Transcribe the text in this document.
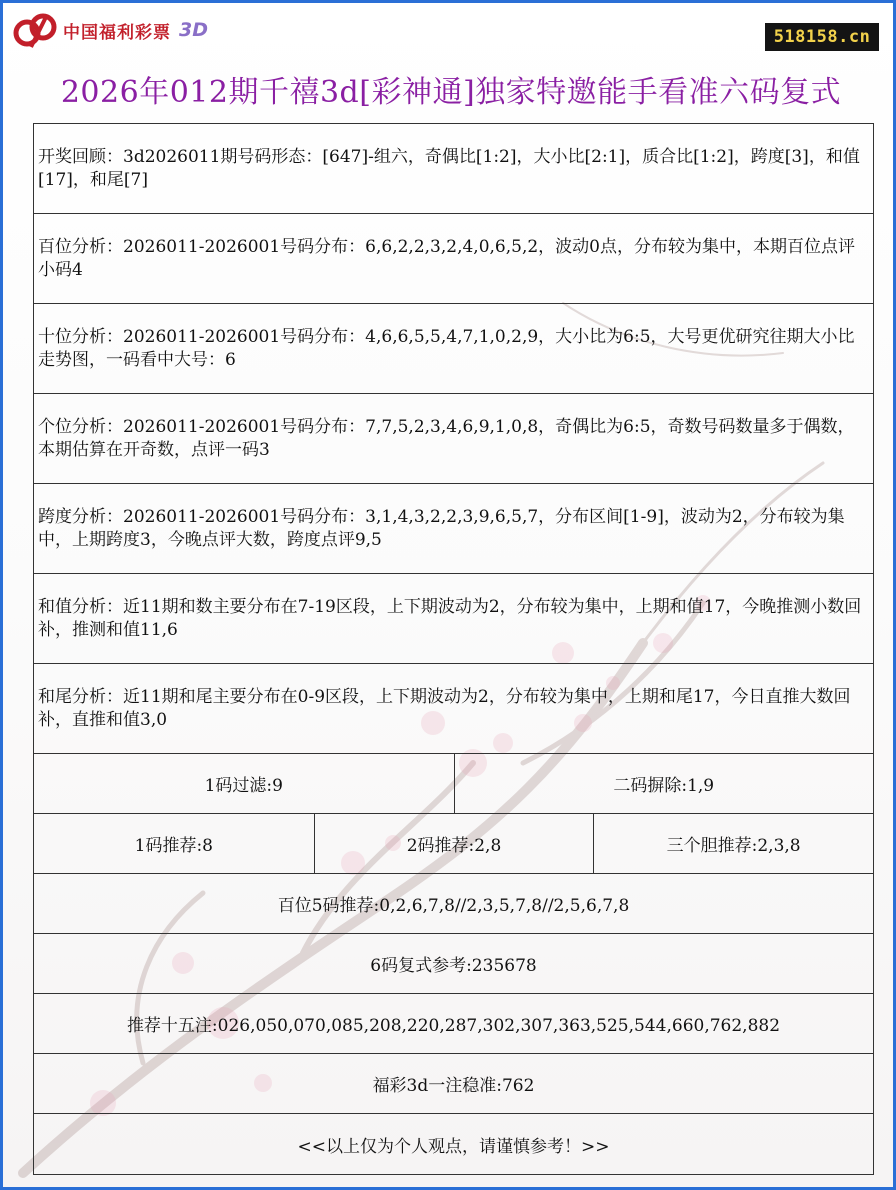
中国福利彩票 3D	518158.cn
2026年012期千禧3d[彩神通]独家特邀能手看准六码复式
开奖回顾：3d2026011期号码形态：[647]-组六，奇偶比[1:2]，大小比[2:1]，质合比[1:2]，跨度[3]，和值[17]，和尾[7]
百位分析：2026011-2026001号码分布：6,6,2,2,3,2,4,0,6,5,2，波动0点，分布较为集中，本期百位点评小码4
十位分析：2026011-2026001号码分布：4,6,6,5,5,4,7,1,0,2,9，大小比为6:5，大号更优研究往期大小比走势图，一码看中大号：6
个位分析：2026011-2026001号码分布：7,7,5,2,3,4,6,9,1,0,8，奇偶比为6:5，奇数号码数量多于偶数，本期估算在开奇数，点评一码3
跨度分析：2026011-2026001号码分布：3,1,4,3,2,2,3,9,6,5,7，分布区间[1-9]，波动为2，分布较为集中，上期跨度3，今晚点评大数，跨度点评9,5
和值分析：近11期和数主要分布在7-19区段，上下期波动为2，分布较为集中，上期和值17，今晚推测小数回补，推测和值11,6
和尾分析：近11期和尾主要分布在0-9区段，上下期波动为2，分布较为集中，上期和尾17，今日直推大数回补，直推和值3,0
1码过滤:9	二码摒除:1,9
1码推荐:8	2码推荐:2,8	三个胆推荐:2,3,8
百位5码推荐:0,2,6,7,8//2,3,5,7,8//2,5,6,7,8
6码复式参考:235678
推荐十五注:026,050,070,085,208,220,287,302,307,363,525,544,660,762,882
福彩3d一注稳准:762
<<以上仅为个人观点，请谨慎参考！>>
